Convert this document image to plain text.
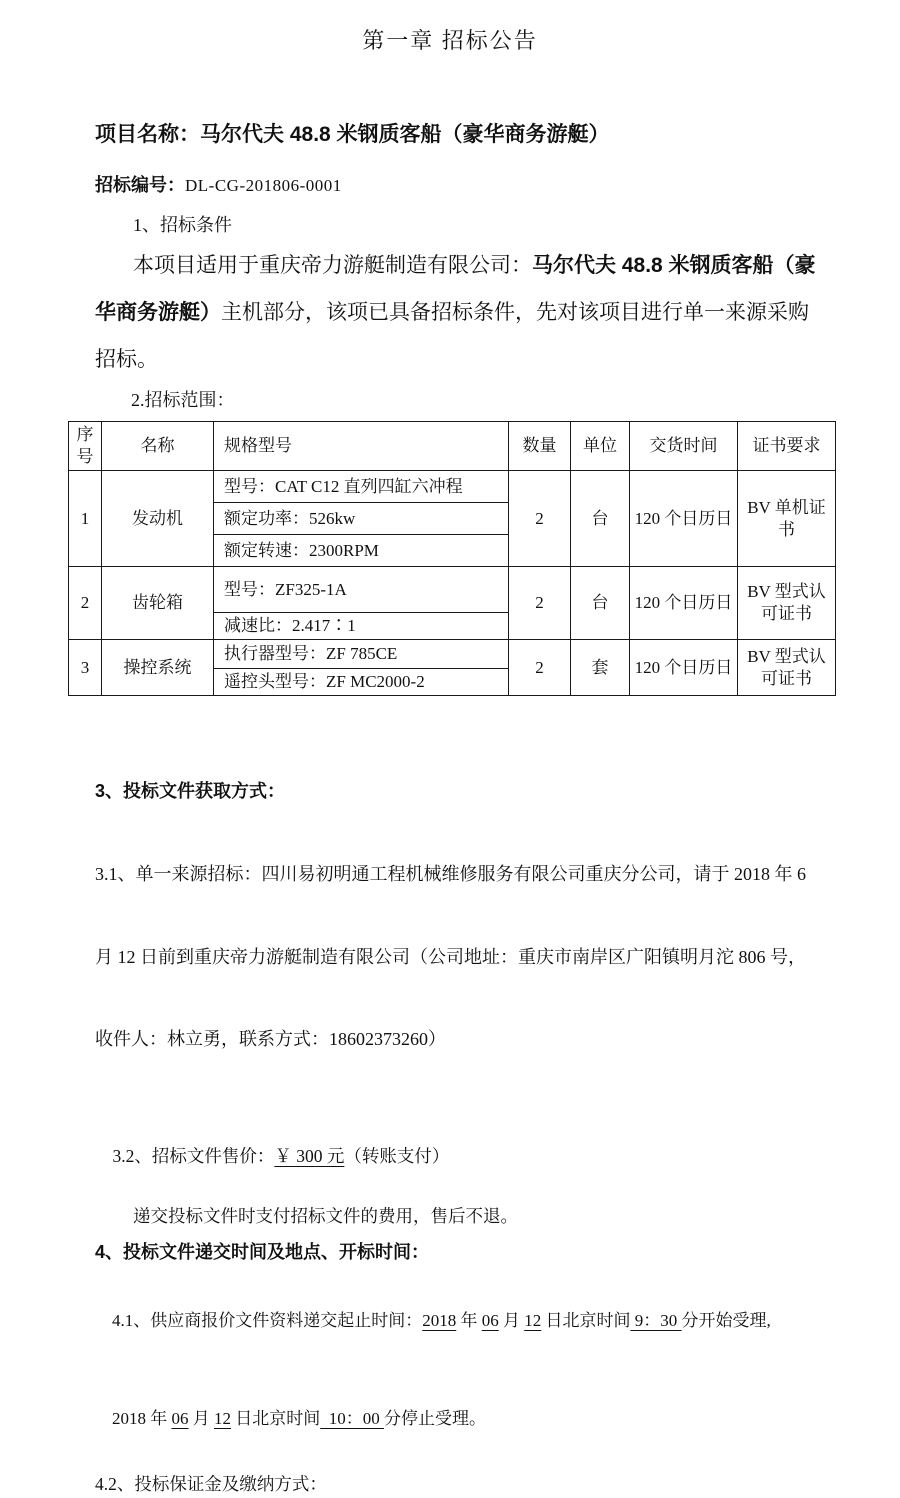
第一章 招标公告
项目名称：马尔代夫 48.8 米钢质客船（豪华商务游艇）
招标编号：DL-CG-201806-0001
1、招标条件
本项目适用于重庆帝力游艇制造有限公司：马尔代夫 48.8 米钢质客船（豪
华商务游艇）主机部分，该项已具备招标条件，先对该项目进行单一来源采购
招标。
2.招标范围：
序号	名称	规格型号	数量	单位	交货时间	证书要求
1	发动机	型号：CAT C12 直列四缸六冲程	2	台	120 个日历日	BV 单机证书
		额定功率：526kw				
		额定转速：2300RPM				
2	齿轮箱	型号：ZF325-1A	2	台	120 个日历日	BV 型式认可证书
		减速比：2.417∶1				
3	操控系统	执行器型号：ZF 785CE	2	套	120 个日历日	BV 型式认可证书
		遥控头型号：ZF MC2000-2				
3、投标文件获取方式：

3.1、单一来源招标：四川易初明通工程机械维修服务有限公司重庆分公司，请于 2018 年 6

月 12 日前到重庆帝力游艇制造有限公司（公司地址：重庆市南岸区广阳镇明月沱 806 号，

收件人：林立勇，联系方式：18602373260）

3.2、招标文件售价：￥ 300 元（转账支付）

递交投标文件时支付招标文件的费用，售后不退。
4、投标文件递交时间及地点、开标时间：

4.1、供应商报价文件资料递交起止时间：2018 年 06 月 12 日北京时间 9：30 分开始受理,

2018 年 06 月 12 日北京时间  10：00 分停止受理。

4.2、投标保证金及缴纳方式：
